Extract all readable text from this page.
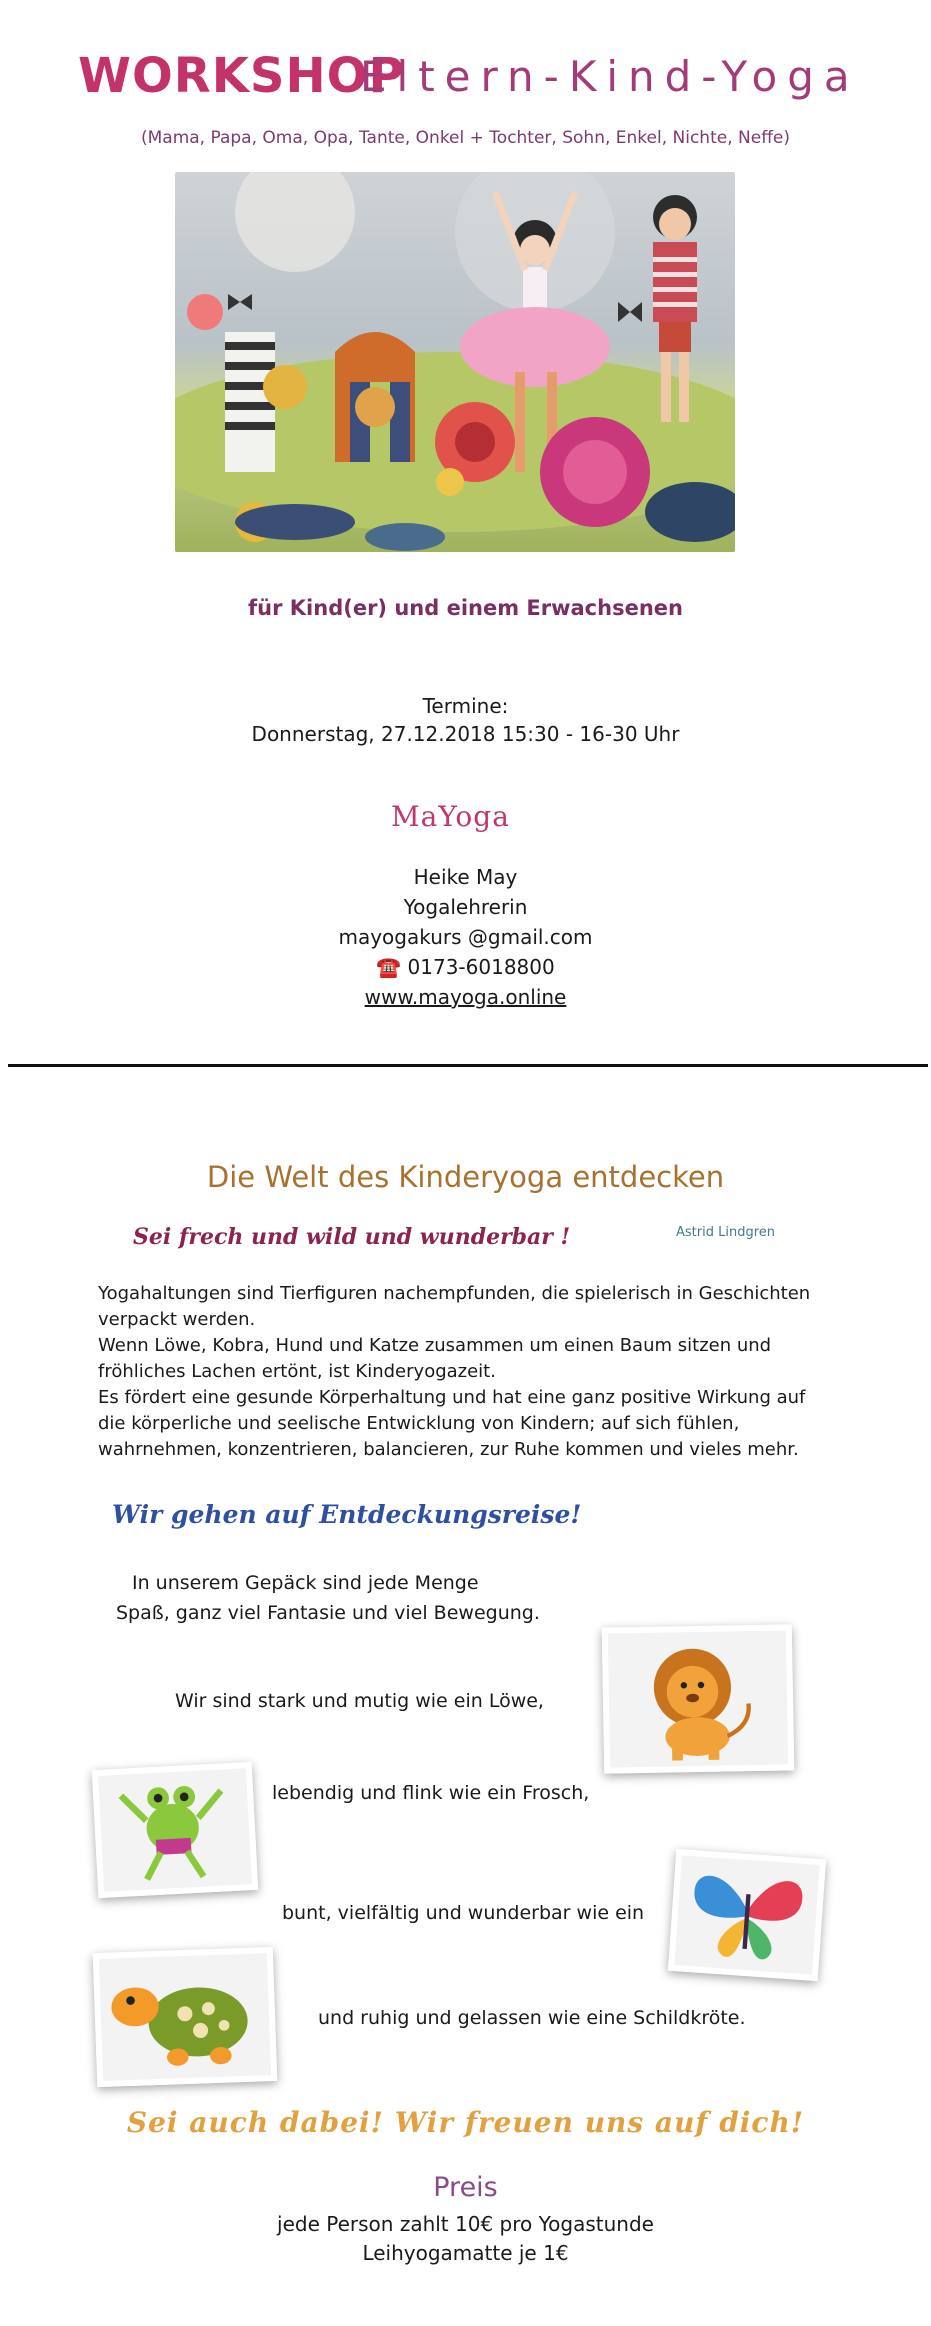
WORKSHOP
Eltern-Kind-Yoga
(Mama, Papa, Oma, Opa, Tante, Onkel + Tochter, Sohn, Enkel, Nichte, Neffe)
für Kind(er) und einem Erwachsenen
Termine:
Donnerstag, 27.12.2018 15:30 - 16-30 Uhr
MaYoga
Heike May
Yogalehrerin
mayogakurs @gmail.com
☎️ 0173-6018800
www.mayoga.online
Die Welt des Kinderyoga entdecken
Sei frech und wild und wunderbar !	Astrid Lindgren

Yogahaltungen sind Tierfiguren nachempfunden, die spielerisch in Geschichten verpackt werden.

Wenn Löwe, Kobra, Hund und Katze zusammen um einen Baum sitzen und fröhliches Lachen ertönt, ist Kinderyogazeit.

Es fördert eine gesunde Körperhaltung und hat eine ganz positive Wirkung auf die körperliche und seelische Entwicklung von Kindern; auf sich fühlen, wahrnehmen, konzentrieren, balancieren, zur Ruhe kommen und vieles mehr.

Wir gehen auf Entdeckungsreise!
In unserem Gepäck sind jede Menge
Spaß, ganz viel Fantasie und viel Bewegung.
Wir sind stark und mutig wie ein Löwe,
lebendig und flink wie ein Frosch,
bunt, vielfältig und wunderbar wie ein
und ruhig und gelassen wie eine Schildkröte.
Sei auch dabei! Wir freuen uns auf dich!
Preis
jede Person zahlt 10€ pro Yogastunde
Leihyogamatte je 1€
